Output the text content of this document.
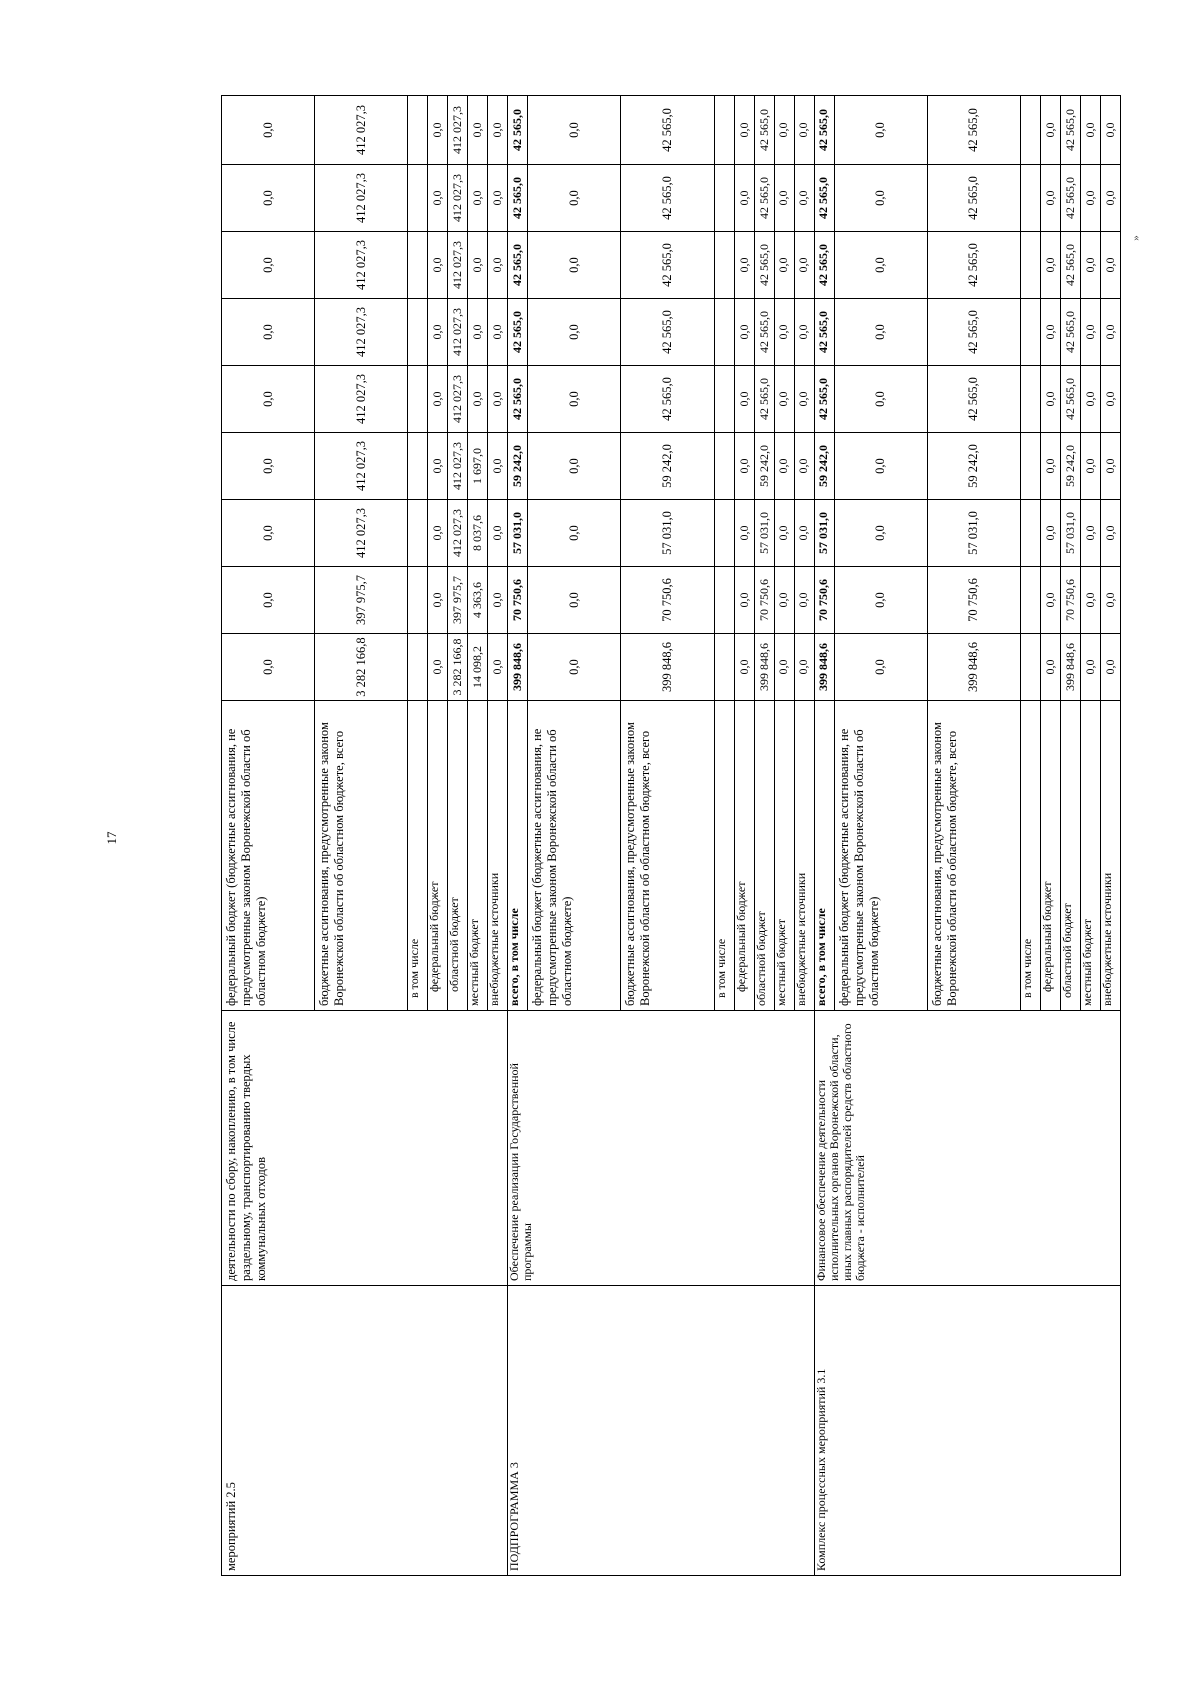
17
мероприятий 2.5	деятельности по сбору, накоплению, в том числе раздельному, транспортированию твердых коммунальных отходов	федеральный бюджет (бюджетные ассигнования, не предусмотренные законом Воронежской области об областном бюджете)	0,0	0,0	0,0	0,0	0,0	0,0	0,0	0,0	0,0
		бюджетные ассигнования, предусмотренные законом Воронежской области об областном бюджете, всего	3 282 166,8	397 975,7	412 027,3	412 027,3	412 027,3	412 027,3	412 027,3	412 027,3	412 027,3
		в том числе									
		федеральный бюджет	0,0	0,0	0,0	0,0	0,0	0,0	0,0	0,0	0,0
		областной бюджет	3 282 166,8	397 975,7	412 027,3	412 027,3	412 027,3	412 027,3	412 027,3	412 027,3	412 027,3
		местный бюджет	14 098,2	4 363,6	8 037,6	1 697,0	0,0	0,0	0,0	0,0	0,0
		внебюджетные источники	0,0	0,0	0,0	0,0	0,0	0,0	0,0	0,0	0,0
ПОДПРОГРАММА 3	Обеспечение реализации Государственной программы	всего, в том числе	399 848,6	70 750,6	57 031,0	59 242,0	42 565,0	42 565,0	42 565,0	42 565,0	42 565,0
		федеральный бюджет (бюджетные ассигнования, не предусмотренные законом Воронежской области об областном бюджете)	0,0	0,0	0,0	0,0	0,0	0,0	0,0	0,0	0,0
		бюджетные ассигнования, предусмотренные законом Воронежской области об областном бюджете, всего	399 848,6	70 750,6	57 031,0	59 242,0	42 565,0	42 565,0	42 565,0	42 565,0	42 565,0
		в том числе									
		федеральный бюджет	0,0	0,0	0,0	0,0	0,0	0,0	0,0	0,0	0,0
		областной бюджет	399 848,6	70 750,6	57 031,0	59 242,0	42 565,0	42 565,0	42 565,0	42 565,0	42 565,0
		местный бюджет	0,0	0,0	0,0	0,0	0,0	0,0	0,0	0,0	0,0
		внебюджетные источники	0,0	0,0	0,0	0,0	0,0	0,0	0,0	0,0	0,0
Комплекс процессных мероприятий 3.1	Финансовое обеспечение деятельности исполнительных органов Воронежской области, иных главных распорядителей средств областного бюджета - исполнителей	всего, в том числе	399 848,6	70 750,6	57 031,0	59 242,0	42 565,0	42 565,0	42 565,0	42 565,0	42 565,0
		федеральный бюджет (бюджетные ассигнования, не предусмотренные законом Воронежской области об областном бюджете)	0,0	0,0	0,0	0,0	0,0	0,0	0,0	0,0	0,0
		бюджетные ассигнования, предусмотренные законом Воронежской области об областном бюджете, всего	399 848,6	70 750,6	57 031,0	59 242,0	42 565,0	42 565,0	42 565,0	42 565,0	42 565,0
		в том числе									
		федеральный бюджет	0,0	0,0	0,0	0,0	0,0	0,0	0,0	0,0	0,0
		областной бюджет	399 848,6	70 750,6	57 031,0	59 242,0	42 565,0	42 565,0	42 565,0	42 565,0	42 565,0
		местный бюджет	0,0	0,0	0,0	0,0	0,0	0,0	0,0	0,0	0,0
		внебюджетные источники	0,0	0,0	0,0	0,0	0,0	0,0	0,0	0,0	0,0
»
